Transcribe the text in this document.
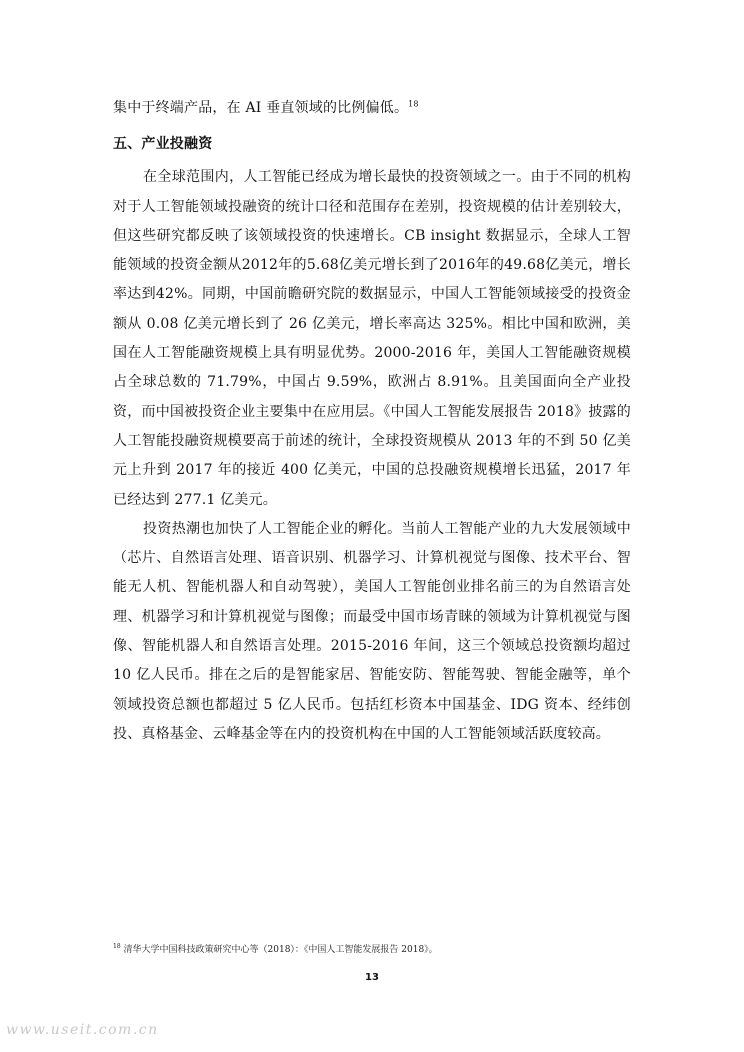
集中于终端产品，在 AI 垂直领域的比例偏低。$^{18}$

五、产业投融资

在全球范围内，人工智能已经成为增长最快的投资领域之一。由于不同的机构对于人工智能领域投融资的统计口径和范围存在差别，投资规模的估计差别较大，但这些研究都反映了该领域投资的快速增长。CB insight 数据显示，全球人工智能领域的投资金额从2012年的5.68亿美元增长到了2016年的49.68亿美元，增长率达到42%。同期，中国前瞻研究院的数据显示，中国人工智能领域接受的投资金额从 0.08 亿美元增长到了 26 亿美元，增长率高达 325%。相比中国和欧洲，美国在人工智能融资规模上具有明显优势。2000-2016 年，美国人工智能融资规模占全球总数的 71.79%，中国占 9.59%，欧洲占 8.91%。且美国面向全产业投资，而中国被投资企业主要集中在应用层。《中国人工智能发展报告 2018》披露的人工智能投融资规模要高于前述的统计，全球投资规模从 2013 年的不到 50 亿美元上升到 2017 年的接近 400 亿美元，中国的总投融资规模增长迅猛，2017 年已经达到 277.1 亿美元。

投资热潮也加快了人工智能企业的孵化。当前人工智能产业的九大发展领域中（芯片、自然语言处理、语音识别、机器学习、计算机视觉与图像、技术平台、智能无人机、智能机器人和自动驾驶），美国人工智能创业排名前三的为自然语言处理、机器学习和计算机视觉与图像；而最受中国市场青睐的领域为计算机视觉与图像、智能机器人和自然语言处理。2015-2016 年间，这三个领域总投资额均超过 10 亿人民币。排在之后的是智能家居、智能安防、智能驾驶、智能金融等，单个领域投资总额也都超过 5 亿人民币。包括红杉资本中国基金、IDG 资本、经纬创投、真格基金、云峰基金等在内的投资机构在中国的人工智能领域活跃度较高。

$^{18}$ 清华大学中国科技政策研究中心等（2018）：《中国人工智能发展报告 2018》。
13
www.useit.com.cn
